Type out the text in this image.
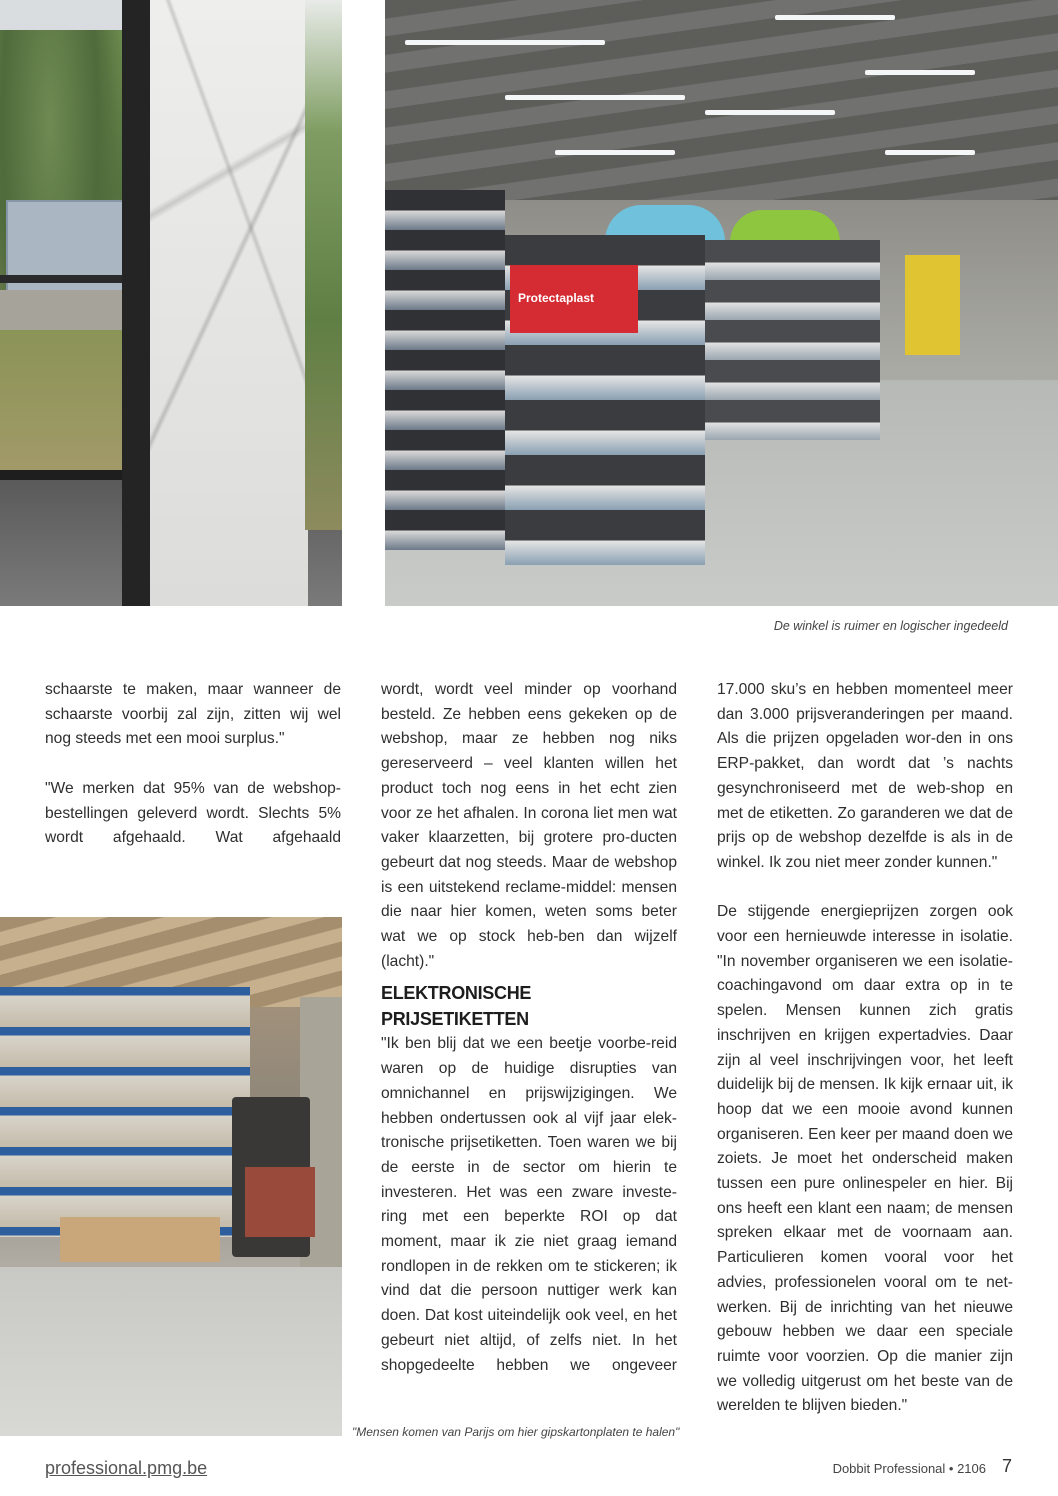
Protectaplast
De winkel is ruimer en logischer ingedeeld
"Mensen komen van Parijs om hier gipskartonplaten te halen"

schaarste te maken, maar wanneer de schaarste voorbij zal zijn, zitten wij wel nog steeds met een mooi surplus."

"We merken dat 95% van de webshop-bestellingen geleverd wordt. Slechts 5% wordt afgehaald. Wat afgehaald

wordt, wordt veel minder op voorhand besteld. Ze hebben eens gekeken op de webshop, maar ze hebben nog niks gereserveerd – veel klanten willen het product toch nog eens in het echt zien voor ze het afhalen. In corona liet men wat vaker klaarzetten, bij grotere pro-ducten gebeurt dat nog steeds. Maar de webshop is een uitstekend reclame-middel: mensen die naar hier komen, weten soms beter wat we op stock heb-ben dan wijzelf (lacht)."

ELEKTRONISCHE PRIJSETIKETTEN

"Ik ben blij dat we een beetje voorbe-reid waren op de huidige disrupties van omnichannel en prijswijzigingen. We hebben ondertussen ook al vijf jaar elek-tronische prijsetiketten. Toen waren we bij de eerste in de sector om hierin te investeren. Het was een zware investe-ring met een beperkte ROI op dat moment, maar ik zie niet graag iemand rondlopen in de rekken om te stickeren; ik vind dat die persoon nuttiger werk kan doen. Dat kost uiteindelijk ook veel, en het gebeurt niet altijd, of zelfs niet. In het shopgedeelte hebben we ongeveer

17.000 sku’s en hebben momenteel meer dan 3.000 prijsveranderingen per maand. Als die prijzen opgeladen wor-den in ons ERP-pakket, dan wordt dat ’s nachts gesynchroniseerd met de web-shop en met de etiketten. Zo garanderen we dat de prijs op de webshop dezelfde is als in de winkel. Ik zou niet meer zonder kunnen."

De stijgende energieprijzen zorgen ook voor een hernieuwde interesse in isolatie. "In november organiseren we een isolatie-coachingavond om daar extra op in te spelen. Mensen kunnen zich gratis inschrijven en krijgen expertadvies. Daar zijn al veel inschrijvingen voor, het leeft duidelijk bij de mensen. Ik kijk ernaar uit, ik hoop dat we een mooie avond kunnen organiseren. Een keer per maand doen we zoiets. Je moet het onderscheid maken tussen een pure onlinespeler en hier. Bij ons heeft een klant een naam; de mensen spreken elkaar met de voornaam aan. Particulieren komen vooral voor het advies, professionelen vooral om te net-werken. Bij de inrichting van het nieuwe gebouw hebben we daar een speciale ruimte voor voorzien. Op die manier zijn we volledig uitgerust om het beste van de werelden te blijven bieden."

professional.pmg.be	Dobbit Professional • 2106 7
